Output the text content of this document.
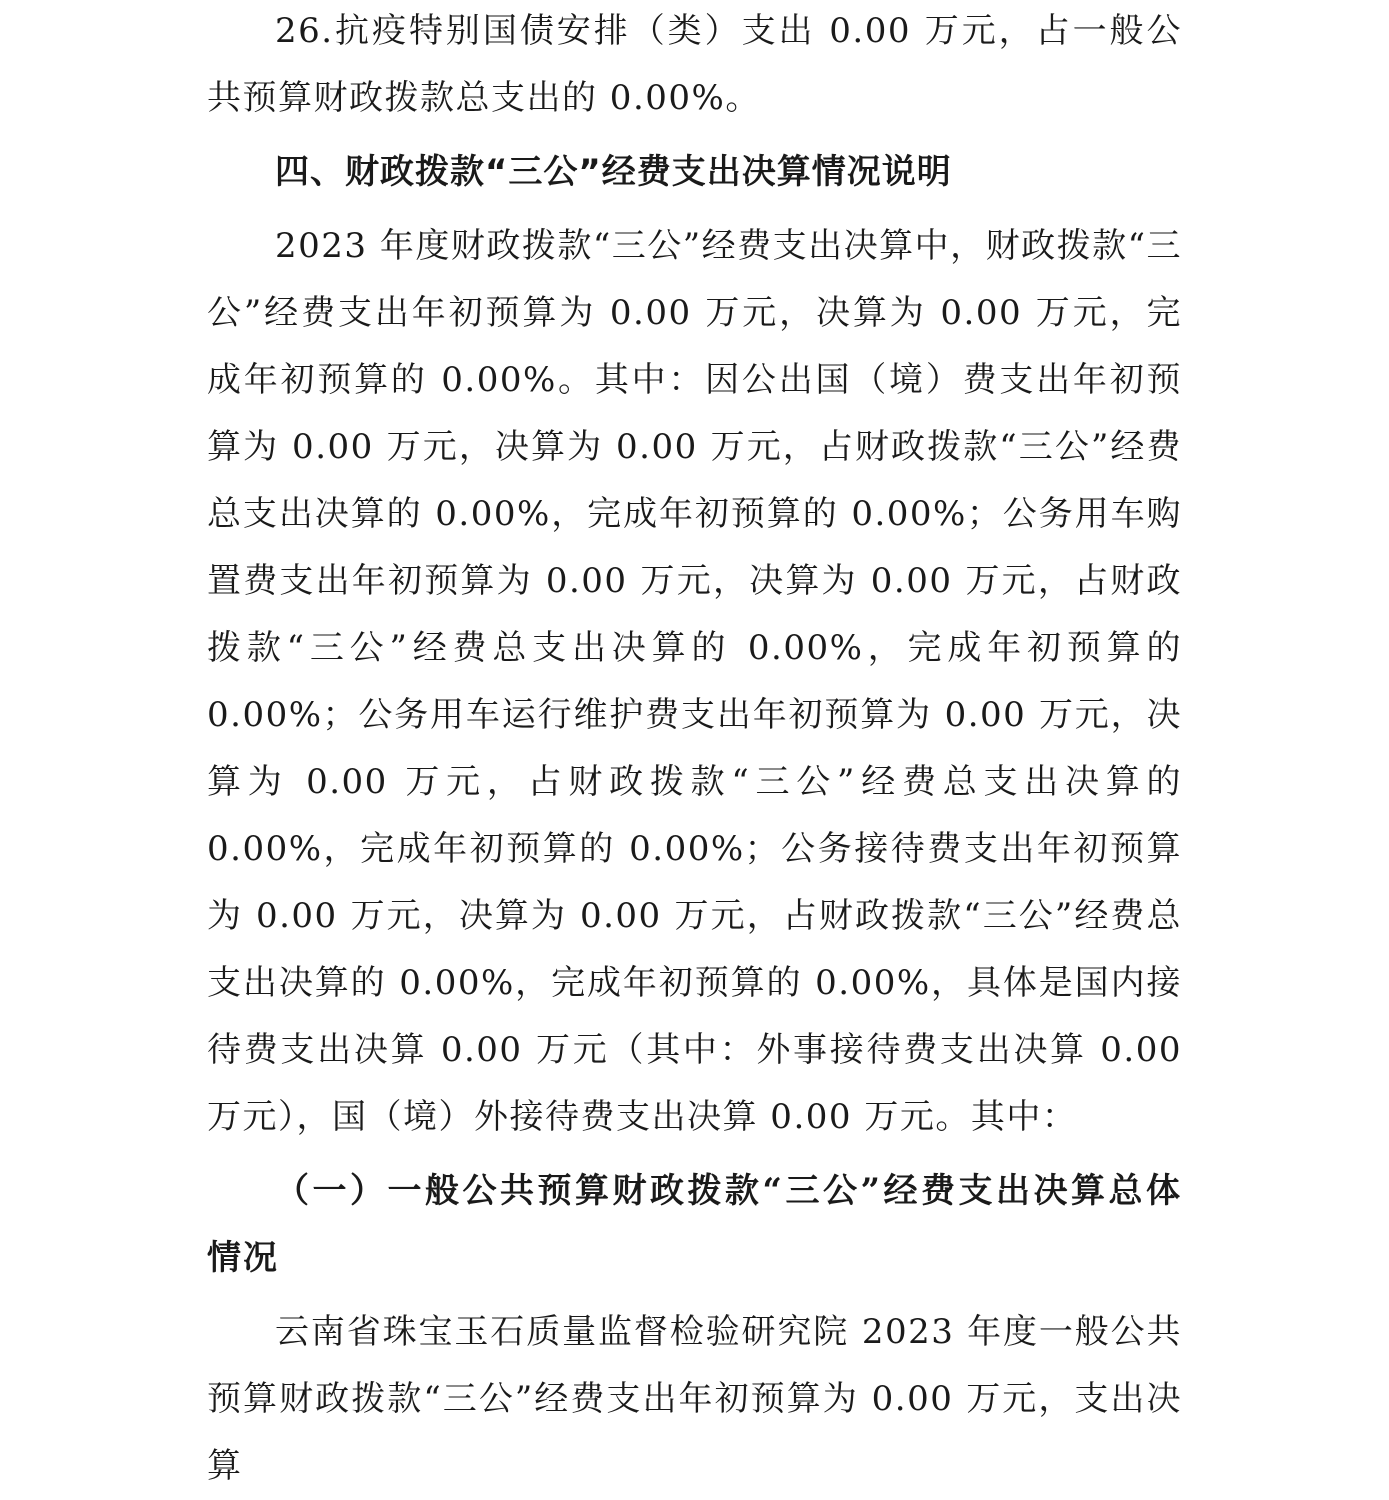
26.抗疫特别国债安排（类）支出 0.00 万元，占一般公共预算财政拨款总支出的 0.00%。

四、财政拨款“三公”经费支出决算情况说明

2023 年度财政拨款“三公”经费支出决算中，财政拨款“三公”经费支出年初预算为 0.00 万元，决算为 0.00 万元，完成年初预算的 0.00%。其中：因公出国（境）费支出年初预算为 0.00 万元，决算为 0.00 万元，占财政拨款“三公”经费总支出决算的 0.00%，完成年初预算的 0.00%；公务用车购置费支出年初预算为 0.00 万元，决算为 0.00 万元，占财政拨款“三公”经费总支出决算的 0.00%，完成年初预算的 0.00%；公务用车运行维护费支出年初预算为 0.00 万元，决算为 0.00 万元，占财政拨款“三公”经费总支出决算的 0.00%，完成年初预算的 0.00%；公务接待费支出年初预算为 0.00 万元，决算为 0.00 万元，占财政拨款“三公”经费总支出决算的 0.00%，完成年初预算的 0.00%，具体是国内接待费支出决算 0.00 万元（其中：外事接待费支出决算 0.00 万元），国（境）外接待费支出决算 0.00 万元。其中：

（一）一般公共预算财政拨款“三公”经费支出决算总体情况

云南省珠宝玉石质量监督检验研究院 2023 年度一般公共预算财政拨款“三公”经费支出年初预算为 0.00 万元，支出决算
